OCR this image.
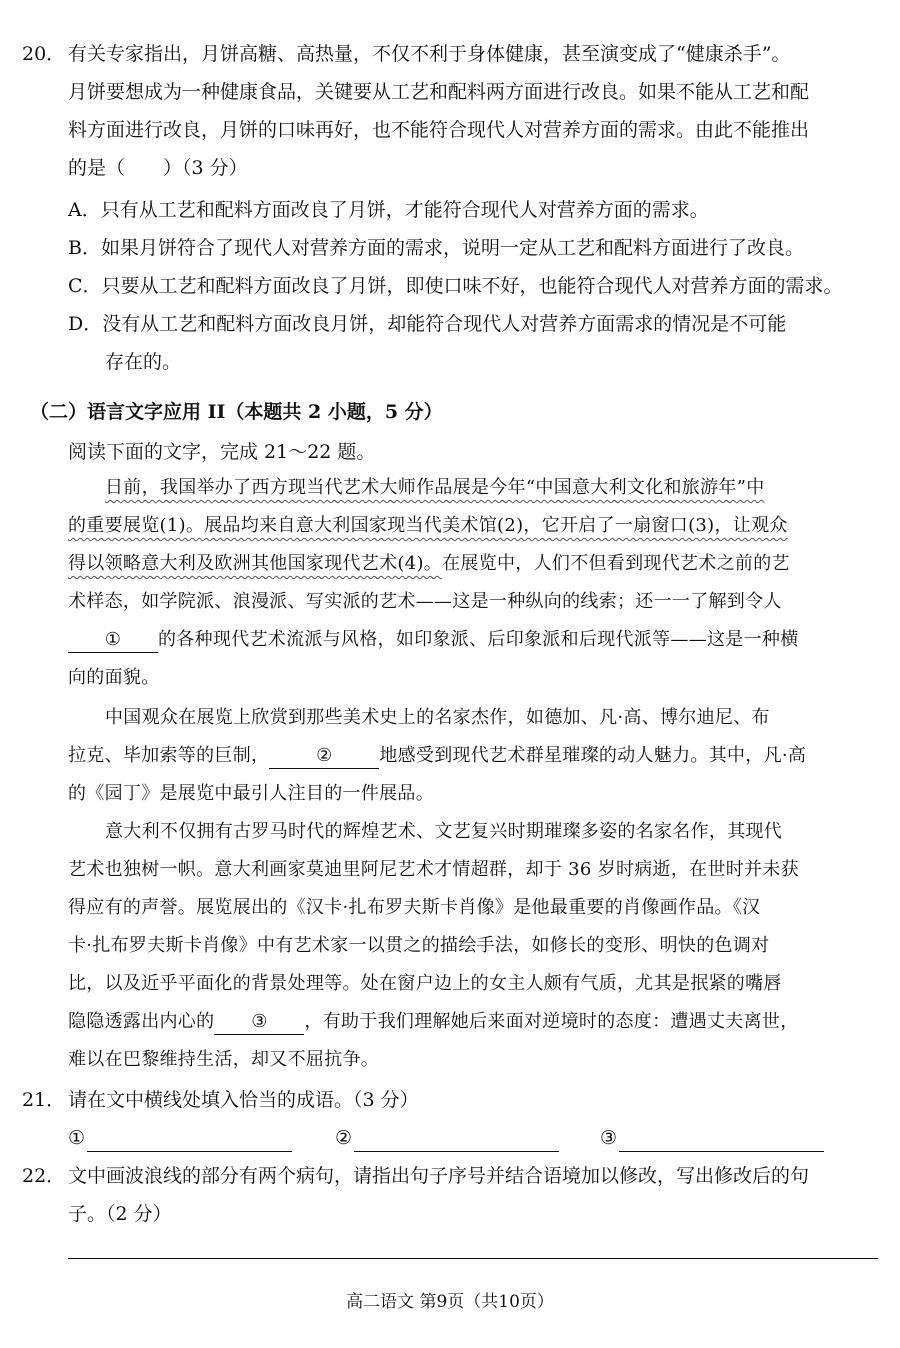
20． 有关专家指出，月饼高糖、高热量，不仅不利于身体健康，甚至演变成了“健康杀手”。
月饼要想成为一种健康食品，关键要从工艺和配料两方面进行改良。如果不能从工艺和配
料方面进行改良，月饼的口味再好，也不能符合现代人对营养方面的需求。由此不能推出
的是（　　）（3 分）
A．只有从工艺和配料方面改良了月饼，才能符合现代人对营养方面的需求。
B．如果月饼符合了现代人对营养方面的需求，说明一定从工艺和配料方面进行了改良。
C．只要从工艺和配料方面改良了月饼，即使口味不好，也能符合现代人对营养方面的需求。
D．没有从工艺和配料方面改良月饼，却能符合现代人对营养方面需求的情况是不可能
存在的。
（二）语言文字应用 II（本题共 2 小题，5 分）
阅读下面的文字，完成 21～22 题。
日前，我国举办了西方现当代艺术大师作品展是今年“中国意大利文化和旅游年”中
的重要展览(1)。展品均来自意大利国家现当代美术馆(2)，它开启了一扇窗口(3)，让观众
得以领略意大利及欧洲其他国家现代艺术(4)。在展览中，人们不但看到现代艺术之前的艺
术样态，如学院派、浪漫派、写实派的艺术——这是一种纵向的线索；还一一了解到令人
① 的各种现代艺术流派与风格，如印象派、后印象派和后现代派等——这是一种横
向的面貌。
中国观众在展览上欣赏到那些美术史上的名家杰作，如德加、凡·高、博尔迪尼、布
拉克、毕加索等的巨制，	②	地感受到现代艺术群星璀璨的动人魅力。其中，凡·高
的《园丁》是展览中最引人注目的一件展品。
意大利不仅拥有古罗马时代的辉煌艺术、文艺复兴时期璀璨多姿的名家名作，其现代
艺术也独树一帜。意大利画家莫迪里阿尼艺术才情超群，却于 36 岁时病逝，在世时并未获
得应有的声誉。展览展出的《汉卡·扎布罗夫斯卡肖像》是他最重要的肖像画作品。《汉
卡·扎布罗夫斯卡肖像》中有艺术家一以贯之的描绘手法，如修长的变形、明快的色调对
比，以及近乎平面化的背景处理等。处在窗户边上的女主人颇有气质，尤其是抿紧的嘴唇
隐隐透露出内心的 ③ ，有助于我们理解她后来面对逆境时的态度：遭遇丈夫离世，
难以在巴黎维持生活，却又不屈抗争。
21． 请在文中横线处填入恰当的成语。（3 分）
①	②	③
22． 文中画波浪线的部分有两个病句，请指出句子序号并结合语境加以修改，写出修改后的句
子。（2 分）
高二语文 第9页（共10页）
